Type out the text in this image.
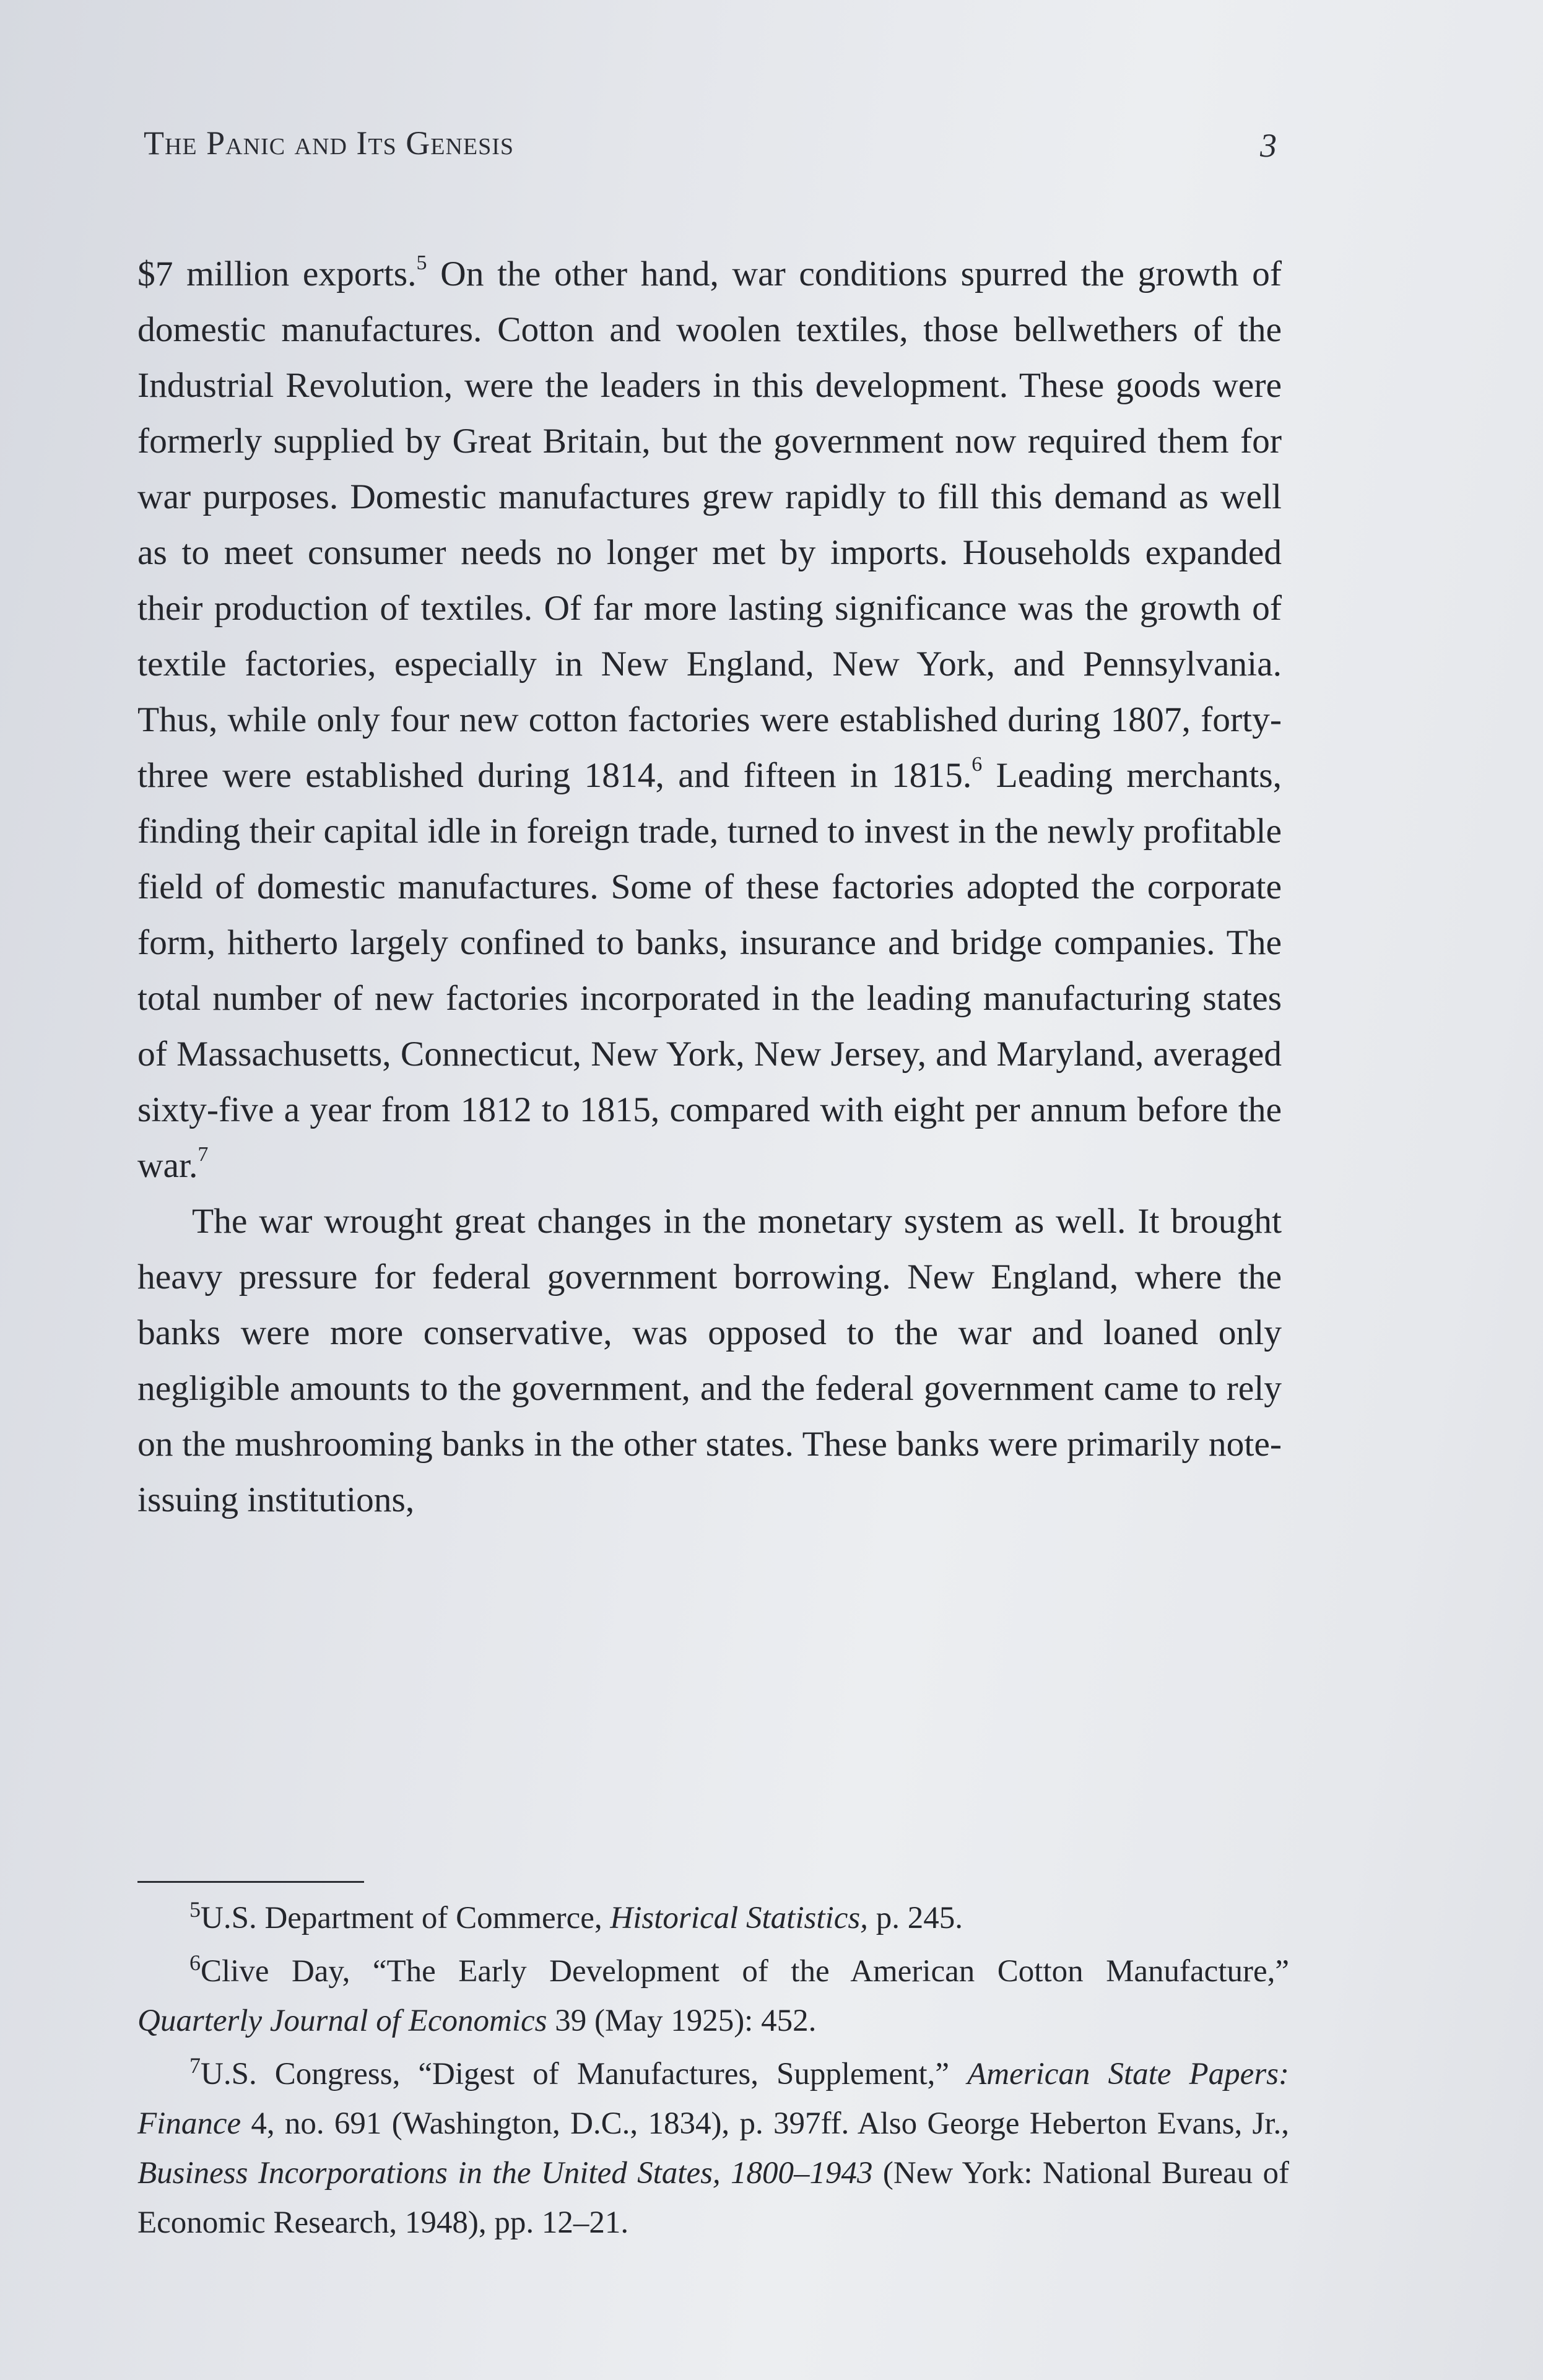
The Panic and Its Genesis	3

$7 million exports.$^5$ On the other hand, war conditions spurred the growth of domestic manufactures. Cotton and woolen textiles, those bellwethers of the Industrial Revolution, were the leaders in this development. These goods were formerly supplied by Great Britain, but the government now required them for war purposes. Domestic manufactures grew rapidly to fill this demand as well as to meet consumer needs no longer met by imports. Households expanded their production of textiles. Of far more lasting significance was the growth of textile factories, especially in New England, New York, and Pennsylvania. Thus, while only four new cotton factories were established during 1807, forty-three were established during 1814, and fifteen in 1815.$^6$ Leading merchants, finding their capital idle in foreign trade, turned to invest in the newly profitable field of domestic manufactures. Some of these factories adopted the corporate form, hitherto largely confined to banks, insurance and bridge companies. The total number of new factories incorporated in the leading manufacturing states of Massachusetts, Connecticut, New York, New Jersey, and Maryland, averaged sixty-five a year from 1812 to 1815, compared with eight per annum before the war.$^7$

The war wrought great changes in the monetary system as well. It brought heavy pressure for federal government borrowing. New England, where the banks were more conservative, was opposed to the war and loaned only negligible amounts to the government, and the federal government came to rely on the mushrooming banks in the other states. These banks were primarily note-issuing institutions,

$^5$U.S. Department of Commerce, Historical Statistics, p. 245.

$^6$Clive Day, “The Early Development of the American Cotton Manufacture,” Quarterly Journal of Economics 39 (May 1925): 452.

$^7$U.S. Congress, “Digest of Manufactures, Supplement,” American State Papers: Finance 4, no. 691 (Washington, D.C., 1834), p. 397ff. Also George Heberton Evans, Jr., Business Incorporations in the United States, 1800–1943 (New York: National Bureau of Economic Research, 1948), pp. 12–21.
